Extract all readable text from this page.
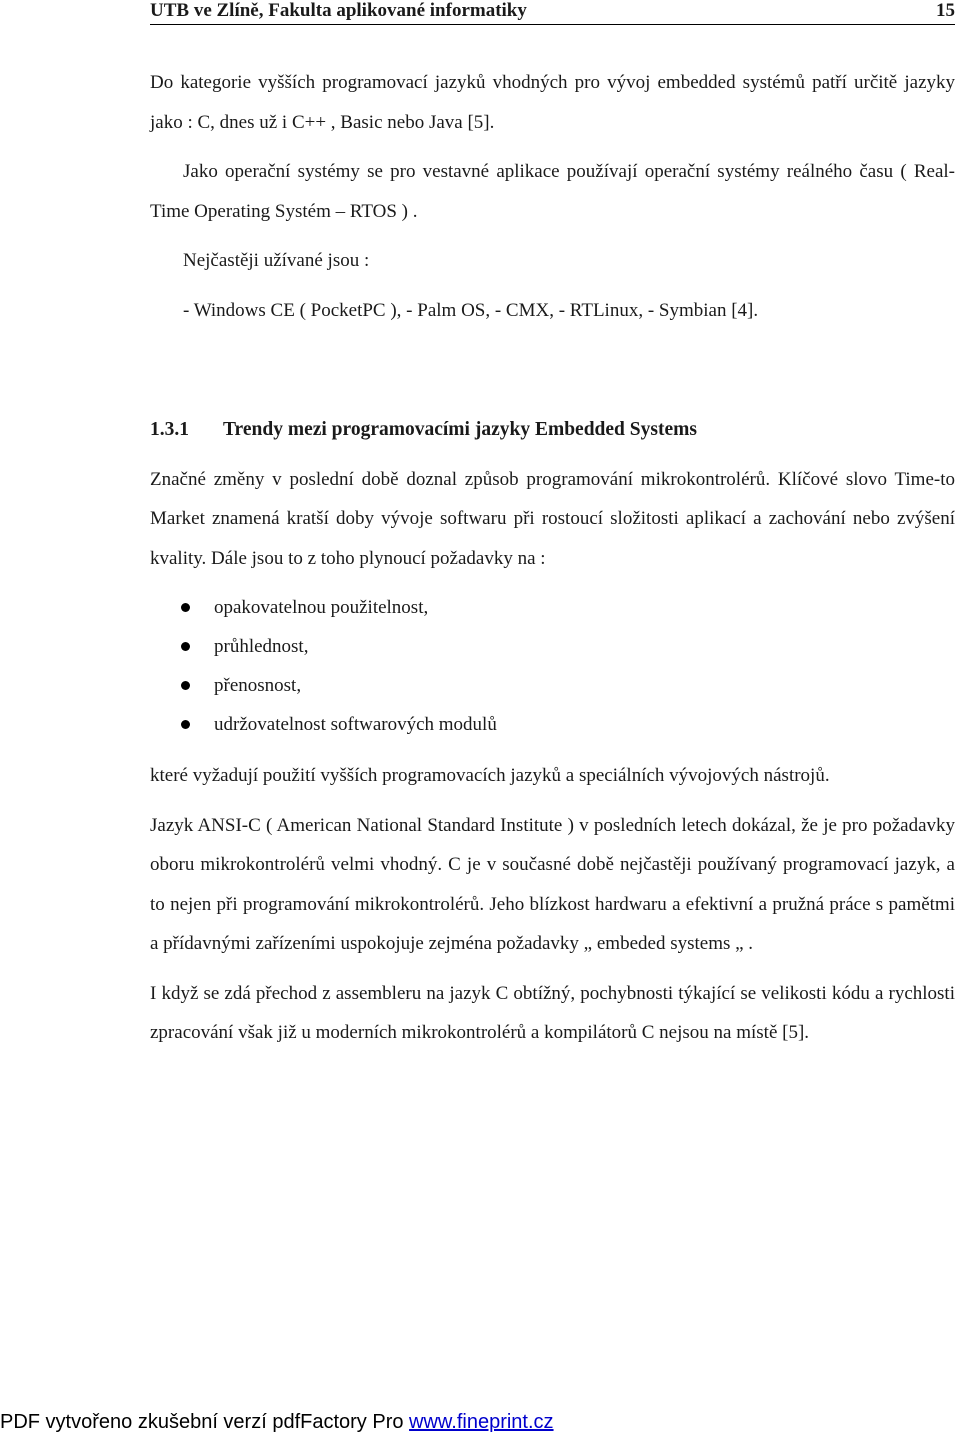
UTB ve Zlíně, Fakulta aplikované informatiky	15

Do kategorie vyšších programovací jazyků vhodných pro vývoj embedded systémů patří určitě jazyky jako : C, dnes už i C++ , Basic nebo Java [5].

Jako operační systémy se pro vestavné aplikace používají operační systémy reálného času ( Real-Time Operating Systém – RTOS ) .

Nejčastěji užívané jsou :

- Windows CE ( PocketPC ), - Palm OS, - CMX, - RTLinux, - Symbian [4].

1.3.1 Trendy mezi programovacími jazyky Embedded Systems

Značné změny v poslední době doznal způsob programování mikrokontrolérů. Klíčové slovo Time-to Market znamená kratší doby vývoje softwaru při rostoucí složitosti aplikací a zachování nebo zvýšení kvality. Dále jsou to z toho plynoucí požadavky na :

opakovatelnou použitelnost,
průhlednost,
přenosnost,
udržovatelnost softwarových modulů

které vyžadují použití vyšších programovacích jazyků a speciálních vývojových nástrojů.

Jazyk ANSI-C ( American National Standard Institute ) v posledních letech dokázal, že je pro požadavky oboru mikrokontrolérů velmi vhodný. C je v současné době nejčastěji používaný programovací jazyk, a to nejen při programování mikrokontrolérů. Jeho blízkost hardwaru a efektivní a pružná práce s pamětmi a přídavnými zařízeními uspokojuje zejména požadavky „ embeded systems „ .

I když se zdá přechod z assembleru na jazyk C obtížný, pochybnosti týkající se velikosti kódu a rychlosti zpracování však již u moderních mikrokontrolérů a kompilátorů C nejsou na místě [5].

PDF vytvořeno zkušební verzí pdfFactory Pro www.fineprint.cz
